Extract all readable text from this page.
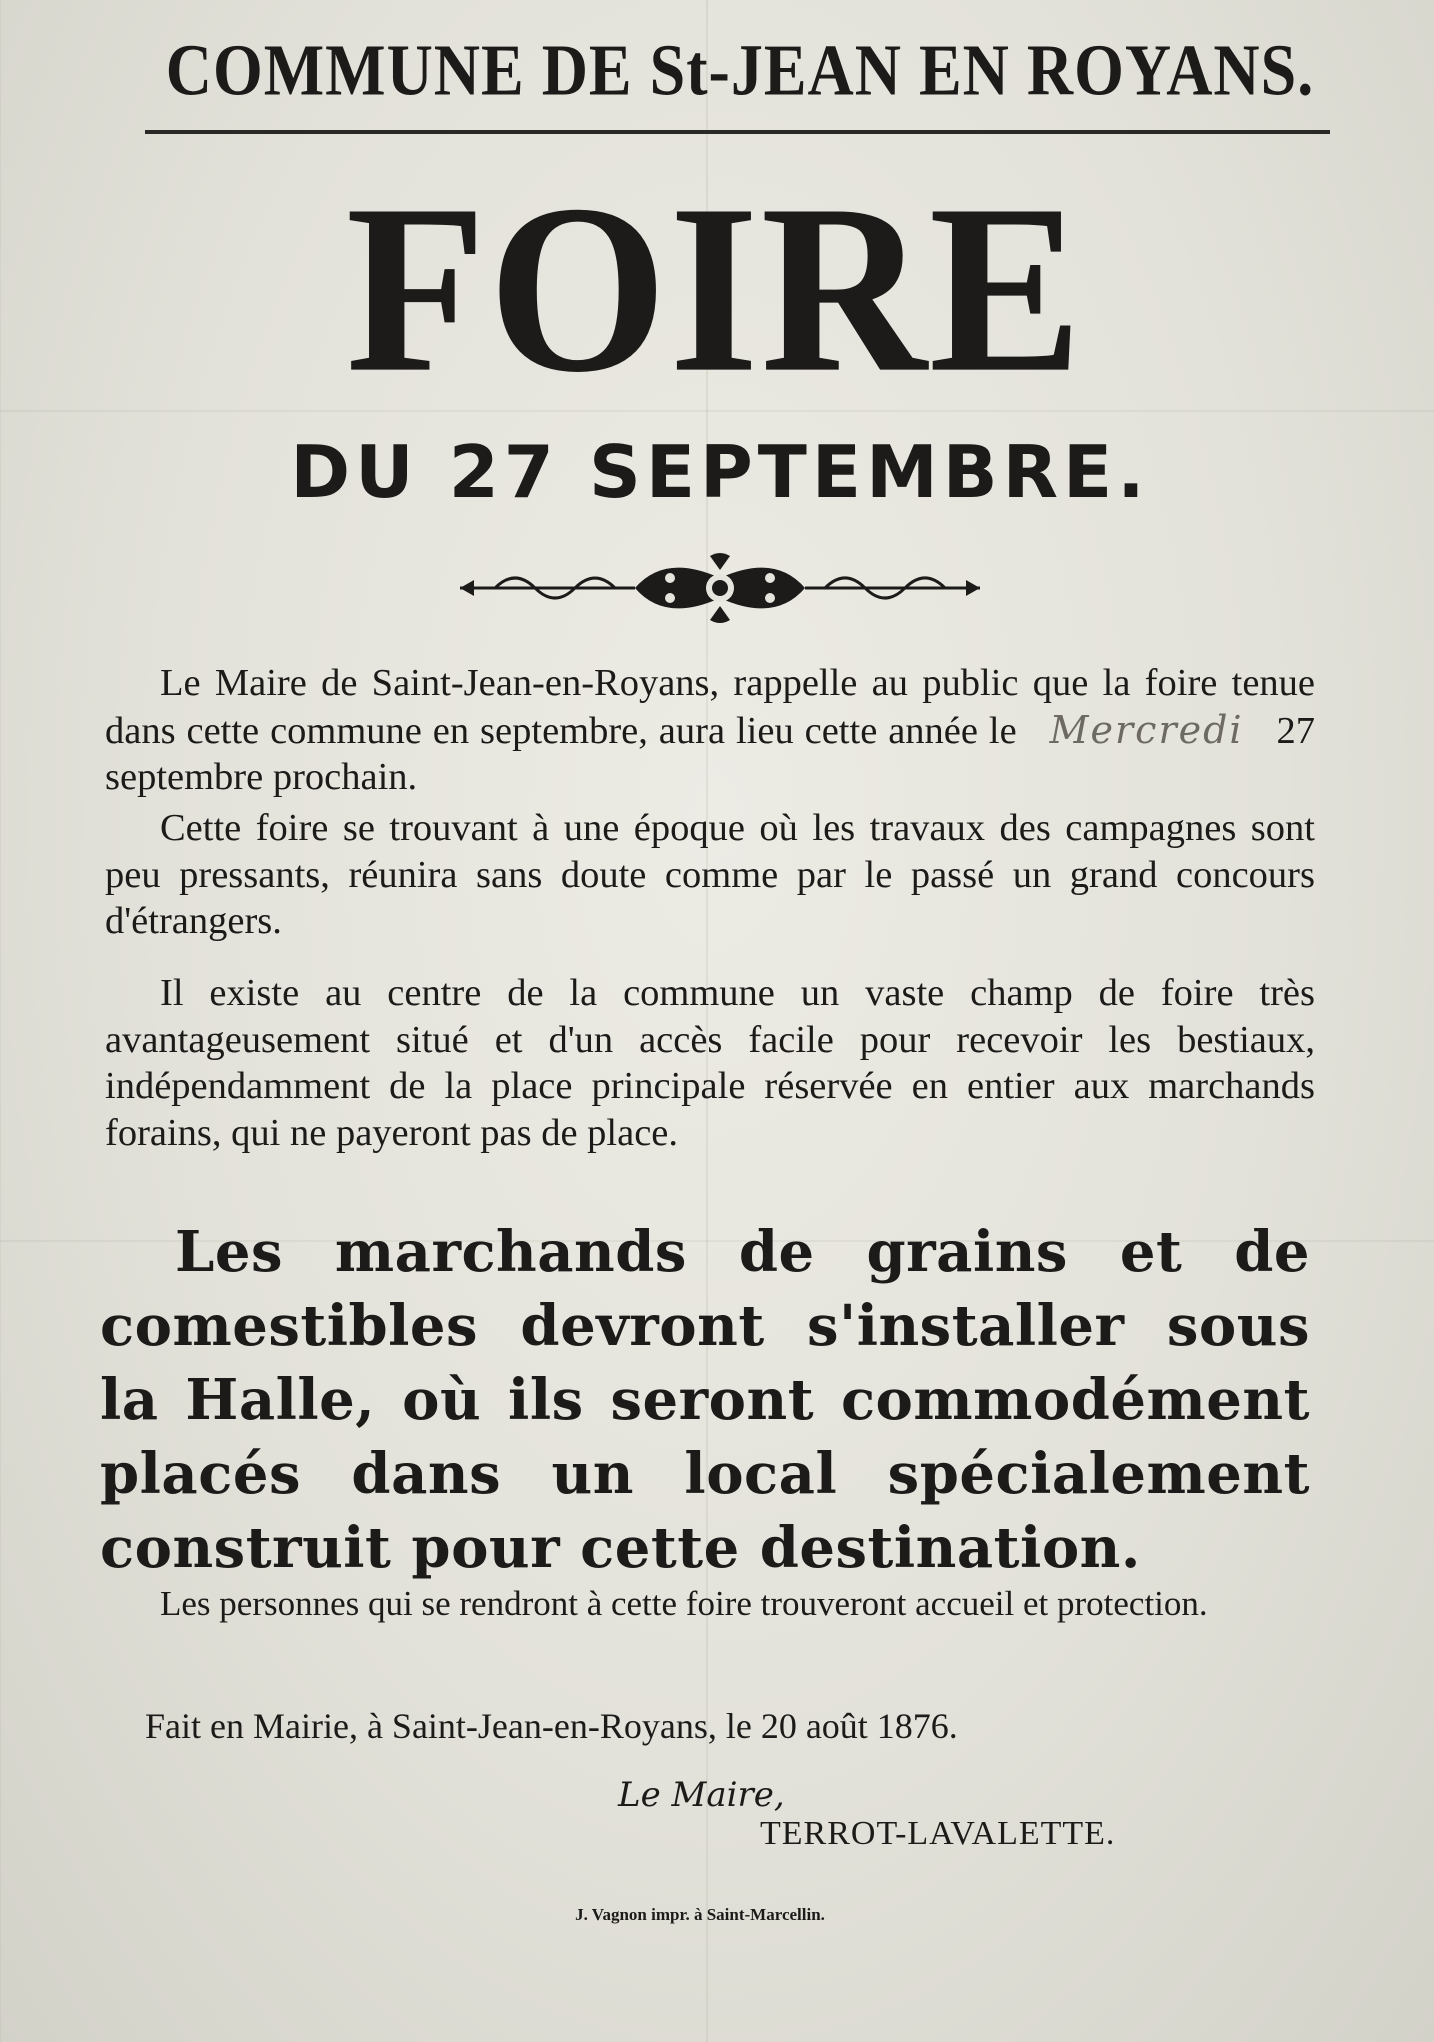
COMMUNE DE St-JEAN EN ROYANS.
FOIRE
DU 27 SEPTEMBRE.
Le Maire de Saint-Jean-en-Royans, rappelle au public que la foire tenue dans cette commune en septembre, aura lieu cette année le Mercredi 27 septembre prochain.
Cette foire se trouvant à une époque où les travaux des campagnes sont peu pressants, réunira sans doute comme par le passé un grand concours d'étrangers.
Il existe au centre de la commune un vaste champ de foire très avantageusement situé et d'un accès facile pour recevoir les bestiaux, indépendamment de la place principale réservée en entier aux marchands forains, qui ne payeront pas de place.
Les marchands de grains et de comestibles devront s'installer sous la Halle, où ils seront commodément placés dans un local spécialement construit pour cette destination.
Les personnes qui se rendront à cette foire trouveront accueil et protection.
Fait en Mairie, à Saint-Jean-en-Royans, le 20 août 1876.
Le Maire,
TERROT-LAVALETTE.
J. Vagnon impr. à Saint-Marcellin.
